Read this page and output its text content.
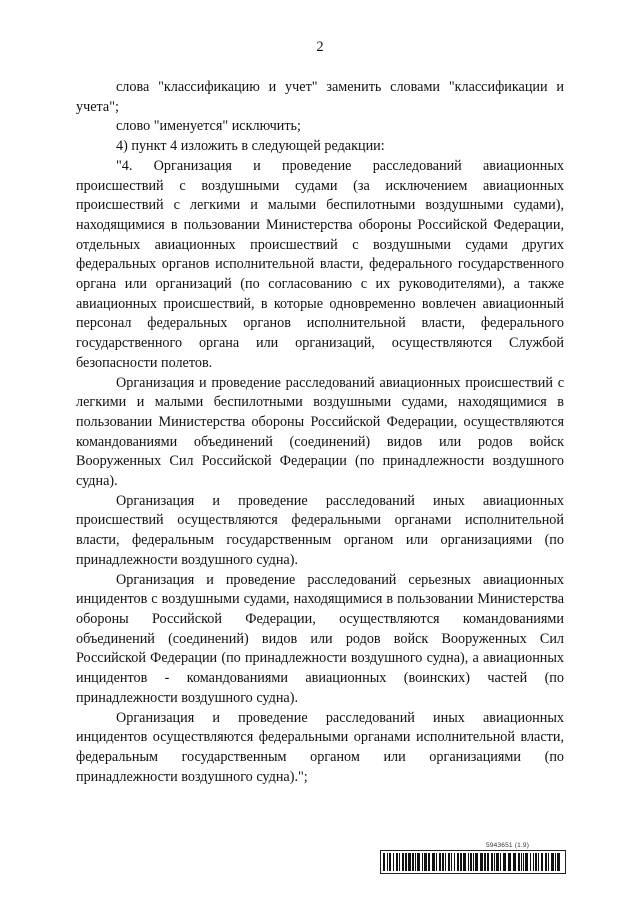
2

слова "классификацию и учет" заменить словами "классификации и учета";

слово "именуется" исключить;

4) пункт 4 изложить в следующей редакции:

"4. Организация и проведение расследований авиационных происшествий с воздушными судами (за исключением авиационных происшествий с легкими и малыми беспилотными воздушными судами), находящимися в пользовании Министерства обороны Российской Федерации, отдельных авиационных происшествий с воздушными судами других федеральных органов исполнительной власти, федерального государственного органа или организаций (по согласованию с их руководителями), а также авиационных происшествий, в которые одновременно вовлечен авиационный персонал федеральных органов исполнительной власти, федерального государственного органа или организаций, осуществляются Службой безопасности полетов.

Организация и проведение расследований авиационных происшествий с легкими и малыми беспилотными воздушными судами, находящимися в пользовании Министерства обороны Российской Федерации, осуществляются командованиями объединений (соединений) видов или родов войск Вооруженных Сил Российской Федерации (по принадлежности воздушного судна).

Организация и проведение расследований иных авиационных происшествий осуществляются федеральными органами исполнительной власти, федеральным государственным органом или организациями (по принадлежности воздушного судна).

Организация и проведение расследований серьезных авиационных инцидентов с воздушными судами, находящимися в пользовании Министерства обороны Российской Федерации, осуществляются командованиями объединений (соединений) видов или родов войск Вооруженных Сил Российской Федерации (по принадлежности воздушного судна), а авиационных инцидентов - командованиями авиационных (воинских) частей (по принадлежности воздушного судна).

Организация и проведение расследований иных авиационных инцидентов осуществляются федеральными органами исполнительной власти, федеральным государственным органом или организациями (по принадлежности воздушного судна).";

5943651 (1.9)
